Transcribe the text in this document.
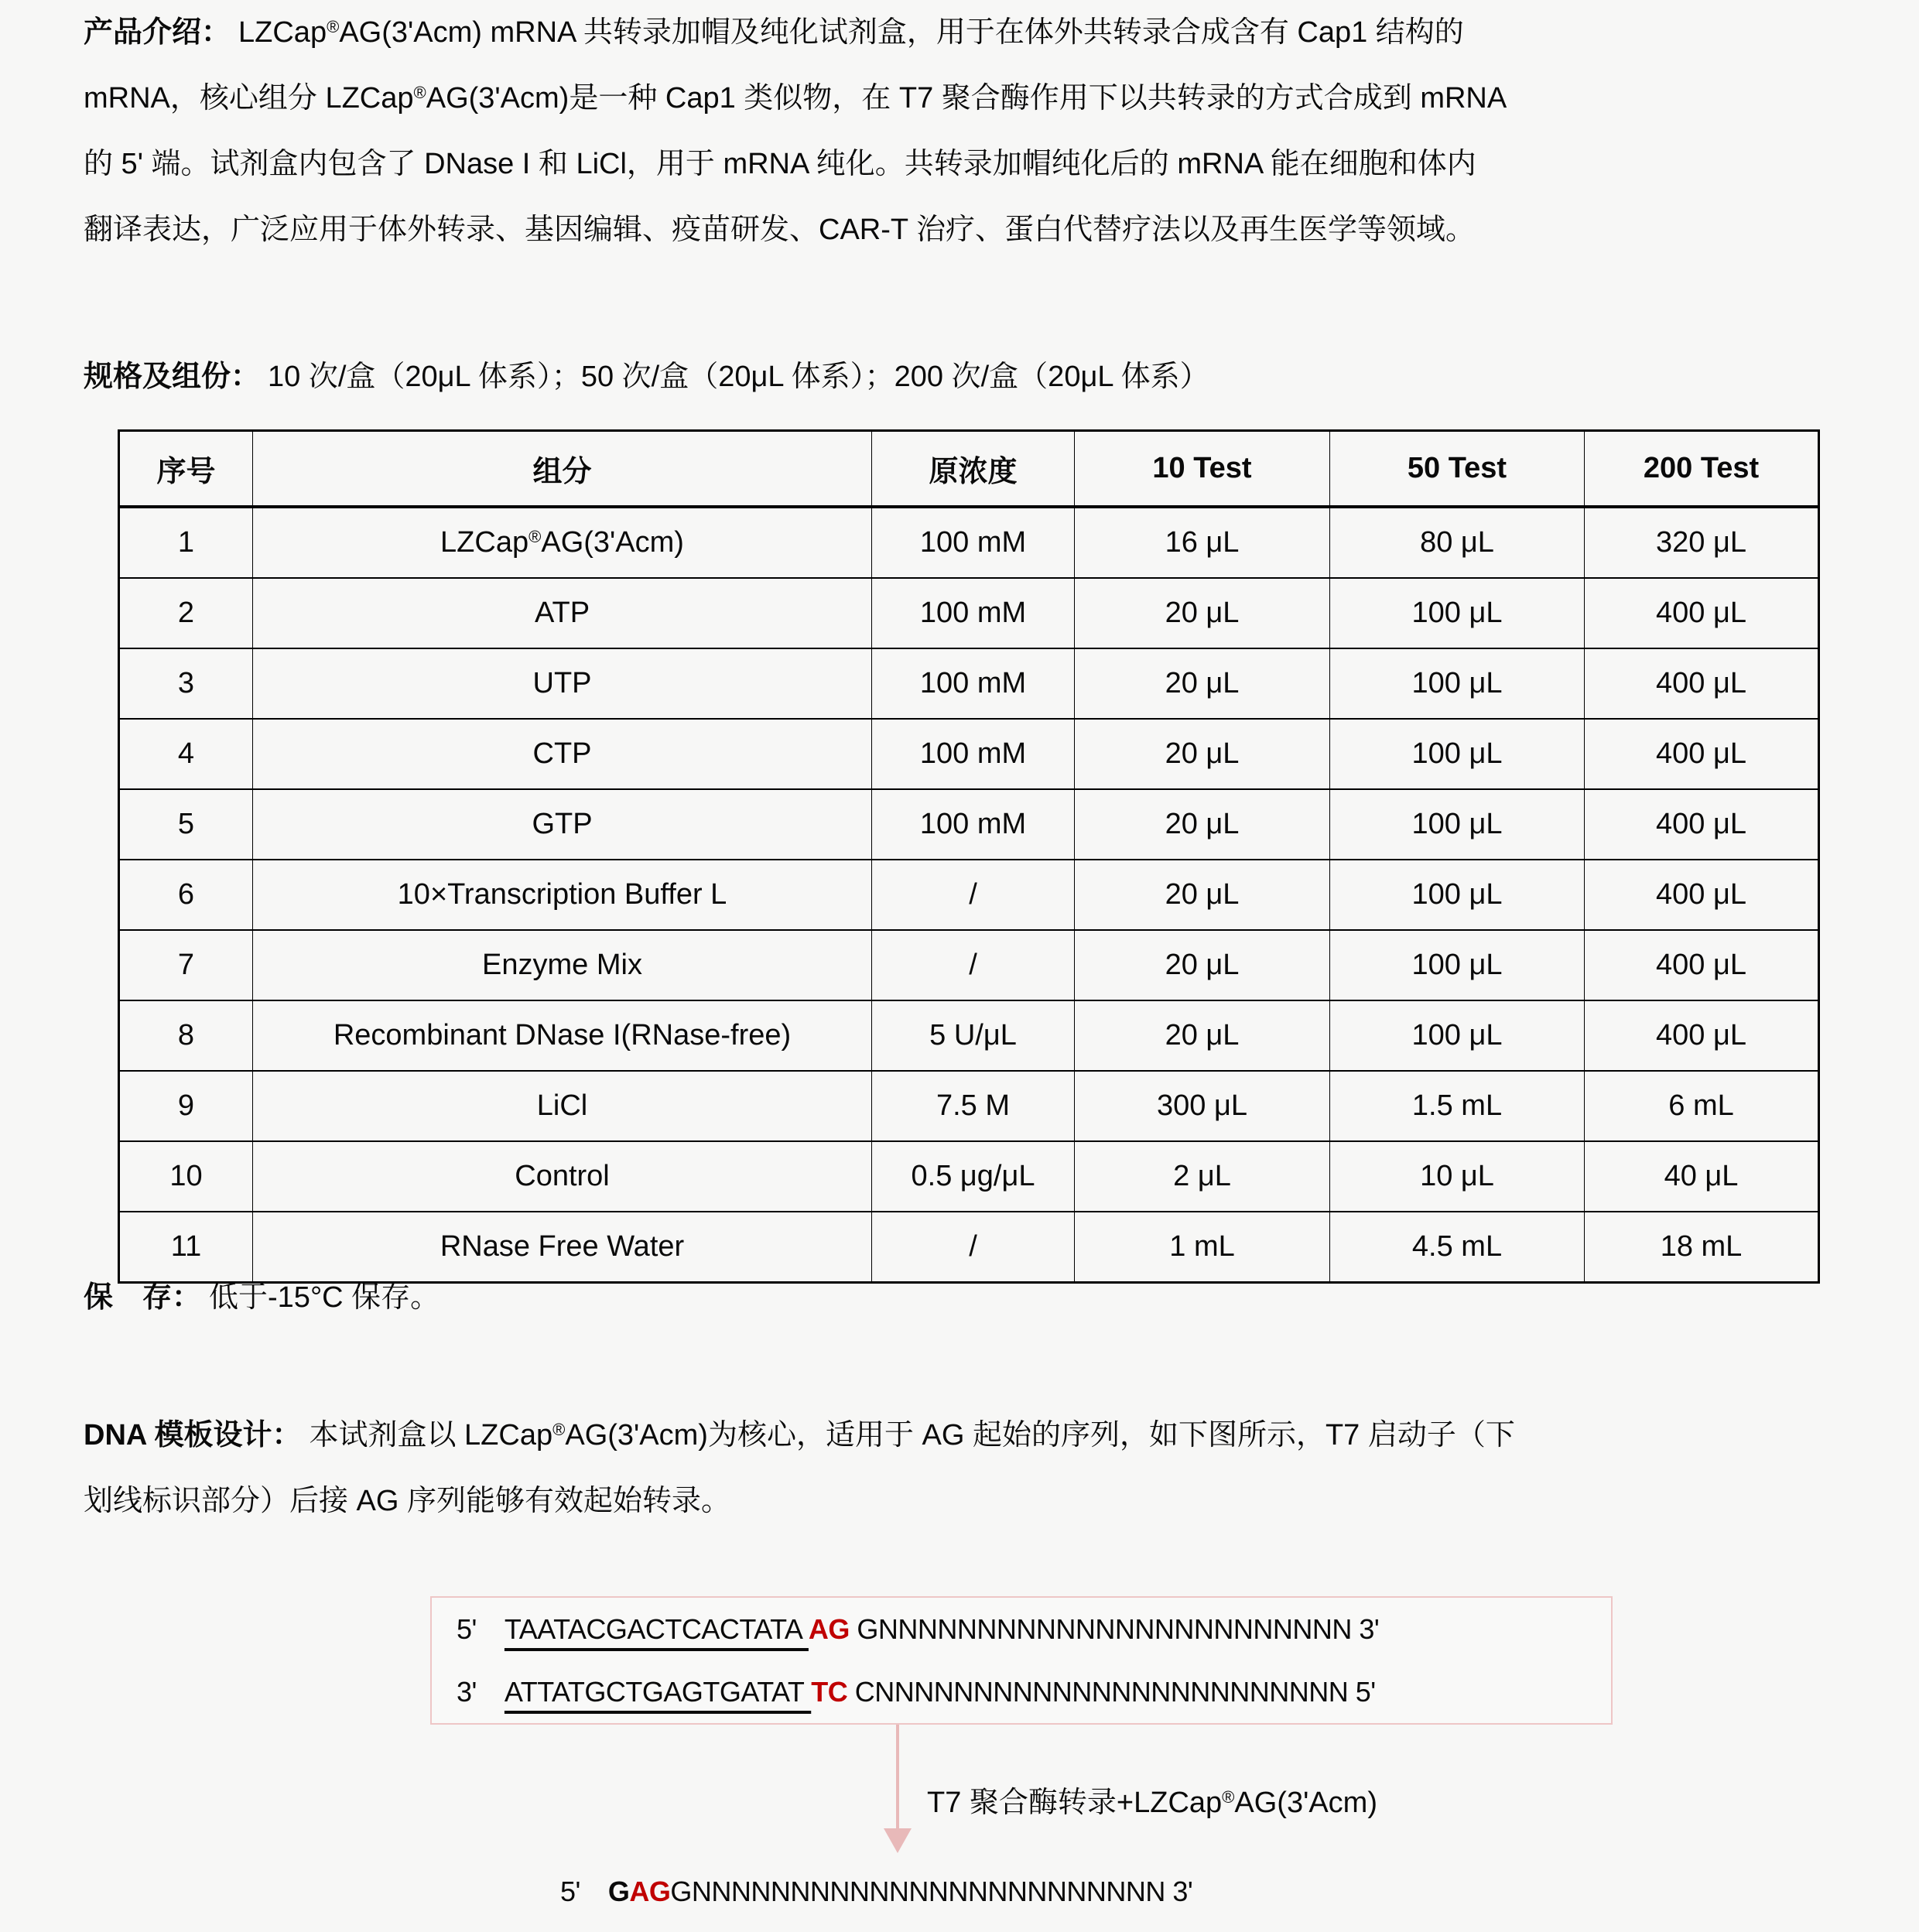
产品介绍： LZCap®AG(3'Acm) mRNA 共转录加帽及纯化试剂盒，用于在体外共转录合成含有 Cap1 结构的
mRNA，核心组分 LZCap®AG(3'Acm)是一种 Cap1 类似物，在 T7 聚合酶作用下以共转录的方式合成到 mRNA
的 5' 端。试剂盒内包含了 DNase I 和 LiCl，用于 mRNA 纯化。共转录加帽纯化后的 mRNA 能在细胞和体内
翻译表达，广泛应用于体外转录、基因编辑、疫苗研发、CAR-T 治疗、蛋白代替疗法以及再生医学等领域。
规格及组份： 10 次/盒（20μL 体系）；50 次/盒（20μL 体系）；200 次/盒（20μL 体系）
序号	组分	原浓度	10 Test	50 Test	200 Test
1	LZCap®AG(3'Acm)	100 mM	16 μL	80 μL	320 μL
2	ATP	100 mM	20 μL	100 μL	400 μL
3	UTP	100 mM	20 μL	100 μL	400 μL
4	CTP	100 mM	20 μL	100 μL	400 μL
5	GTP	100 mM	20 μL	100 μL	400 μL
6	10×Transcription Buffer L	/	20 μL	100 μL	400 μL
7	Enzyme Mix	/	20 μL	100 μL	400 μL
8	Recombinant DNase I(RNase-free)	5 U/μL	20 μL	100 μL	400 μL
9	LiCl	7.5 M	300 μL	1.5 mL	6 mL
10	Control	0.5 μg/μL	2 μL	10 μL	40 μL
11	RNase Free Water	/	1 mL	4.5 mL	18 mL
保　存： 低于-15°C 保存。
DNA 模板设计： 本试剂盒以 LZCap®AG(3'Acm)为核心，适用于 AG 起始的序列，如下图所示，T7 启动子（下
划线标识部分）后接 AG 序列能够有效起始转录。
5' TAATACGACTCACTATA AG GNNNNNNNNNNNNNNNNNNNNNNNN 3'
3' ATTATGCTGAGTGATAT TC CNNNNNNNNNNNNNNNNNNNNNNNN 5'
T7 聚合酶转录+LZCap®AG(3'Acm)
5' GAGGNNNNNNNNNNNNNNNNNNNNNNNN 3'
